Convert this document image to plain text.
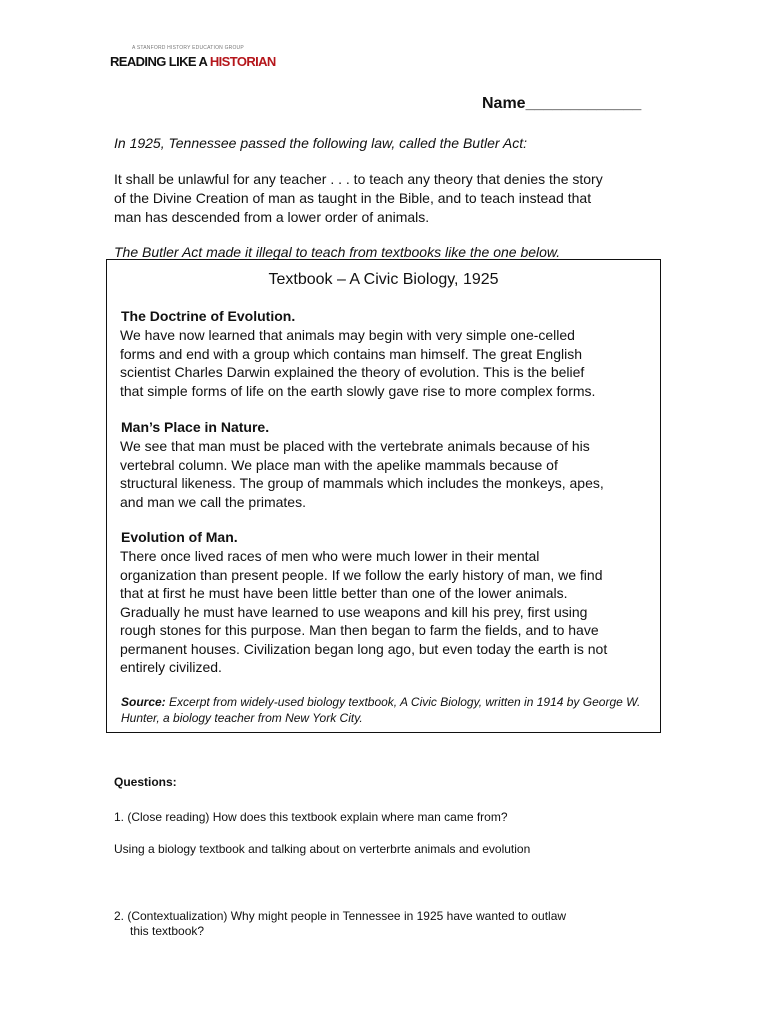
A STANFORD HISTORY EDUCATION GROUP
READING LIKE A HISTORIAN
Name_____________
In 1925, Tennessee passed the following law, called the Butler Act:
It shall be unlawful for any teacher . . . to teach any theory that denies the story
of the Divine Creation of man as taught in the Bible, and to teach instead that
man has descended from a lower order of animals.
The Butler Act made it illegal to teach from textbooks like the one below.
Textbook – A Civic Biology, 1925
The Doctrine of Evolution.
We have now learned that animals may begin with very simple one-celled
forms and end with a group which contains man himself. The great English
scientist Charles Darwin explained the theory of evolution. This is the belief
that simple forms of life on the earth slowly gave rise to more complex forms.
Man’s Place in Nature.
We see that man must be placed with the vertebrate animals because of his
vertebral column. We place man with the apelike mammals because of
structural likeness. The group of mammals which includes the monkeys, apes,
and man we call the primates.
Evolution of Man.
There once lived races of men who were much lower in their mental
organization than present people. If we follow the early history of man, we find
that at first he must have been little better than one of the lower animals.
Gradually he must have learned to use weapons and kill his prey, first using
rough stones for this purpose. Man then began to farm the fields, and to have
permanent houses. Civilization began long ago, but even today the earth is not
entirely civilized.
Source: Excerpt from widely-used biology textbook, A Civic Biology, written in 1914 by George W. Hunter, a biology teacher from New York City.
Questions:
1. (Close reading) How does this textbook explain where man came from?
Using a biology textbook and talking about on verterbrte animals and evolution
2. (Contextualization) Why might people in Tennessee in 1925 have wanted to outlaw
this textbook?
